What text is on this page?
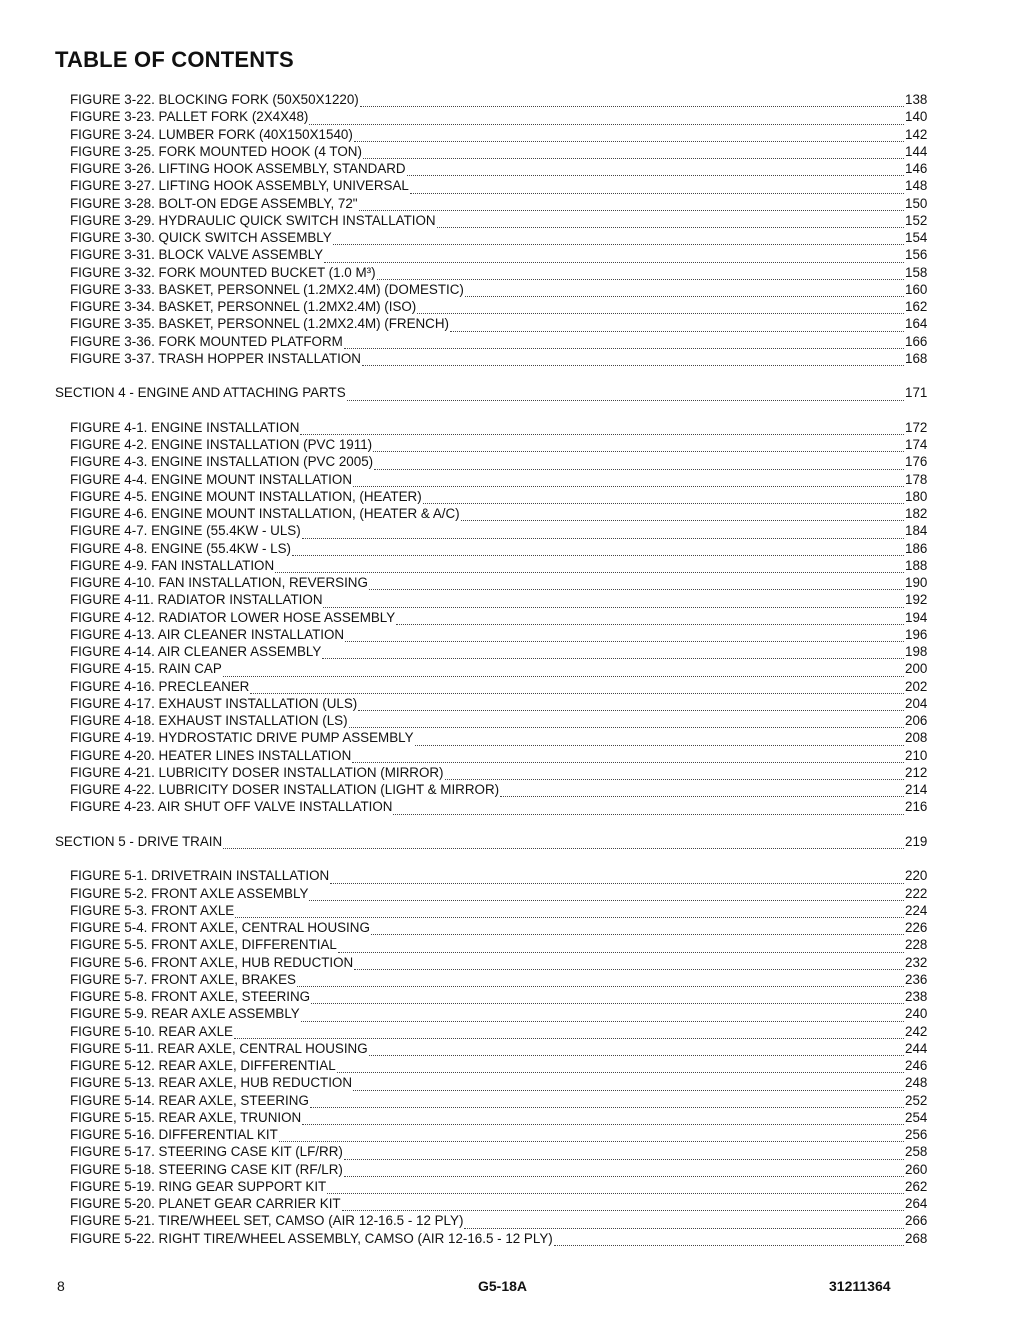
TABLE OF CONTENTS
FIGURE 3-22. BLOCKING FORK (50X50X1220)	138
FIGURE 3-23. PALLET FORK (2X4X48)	140
FIGURE 3-24. LUMBER FORK (40X150X1540)	142
FIGURE 3-25. FORK MOUNTED HOOK (4 TON)	144
FIGURE 3-26. LIFTING HOOK ASSEMBLY, STANDARD	146
FIGURE 3-27. LIFTING HOOK ASSEMBLY, UNIVERSAL	148
FIGURE 3-28. BOLT-ON EDGE ASSEMBLY, 72"	150
FIGURE 3-29. HYDRAULIC QUICK SWITCH INSTALLATION	152
FIGURE 3-30. QUICK SWITCH ASSEMBLY	154
FIGURE 3-31. BLOCK VALVE ASSEMBLY	156
FIGURE 3-32. FORK MOUNTED BUCKET (1.0 M³)	158
FIGURE 3-33. BASKET, PERSONNEL (1.2MX2.4M) (DOMESTIC)	160
FIGURE 3-34. BASKET, PERSONNEL (1.2MX2.4M) (ISO)	162
FIGURE 3-35. BASKET, PERSONNEL (1.2MX2.4M) (FRENCH)	164
FIGURE 3-36. FORK MOUNTED PLATFORM	166
FIGURE 3-37. TRASH HOPPER INSTALLATION	168
SECTION 4 - ENGINE AND ATTACHING PARTS	171
FIGURE 4-1. ENGINE INSTALLATION	172
FIGURE 4-2. ENGINE INSTALLATION (PVC 1911)	174
FIGURE 4-3. ENGINE INSTALLATION (PVC 2005)	176
FIGURE 4-4. ENGINE MOUNT INSTALLATION	178
FIGURE 4-5. ENGINE MOUNT INSTALLATION, (HEATER)	180
FIGURE 4-6. ENGINE MOUNT INSTALLATION, (HEATER & A/C)	182
FIGURE 4-7. ENGINE (55.4KW - ULS)	184
FIGURE 4-8. ENGINE (55.4KW - LS)	186
FIGURE 4-9. FAN INSTALLATION	188
FIGURE 4-10. FAN INSTALLATION, REVERSING	190
FIGURE 4-11. RADIATOR INSTALLATION	192
FIGURE 4-12. RADIATOR LOWER HOSE ASSEMBLY	194
FIGURE 4-13. AIR CLEANER INSTALLATION	196
FIGURE 4-14. AIR CLEANER ASSEMBLY	198
FIGURE 4-15. RAIN CAP	200
FIGURE 4-16. PRECLEANER	202
FIGURE 4-17. EXHAUST INSTALLATION (ULS)	204
FIGURE 4-18. EXHAUST INSTALLATION (LS)	206
FIGURE 4-19. HYDROSTATIC DRIVE PUMP ASSEMBLY	208
FIGURE 4-20. HEATER LINES INSTALLATION	210
FIGURE 4-21. LUBRICITY DOSER INSTALLATION (MIRROR)	212
FIGURE 4-22. LUBRICITY DOSER INSTALLATION (LIGHT & MIRROR)	214
FIGURE 4-23. AIR SHUT OFF VALVE INSTALLATION	216
SECTION 5 - DRIVE TRAIN	219
FIGURE 5-1. DRIVETRAIN INSTALLATION	220
FIGURE 5-2. FRONT AXLE ASSEMBLY	222
FIGURE 5-3. FRONT AXLE	224
FIGURE 5-4. FRONT AXLE, CENTRAL HOUSING	226
FIGURE 5-5. FRONT AXLE, DIFFERENTIAL	228
FIGURE 5-6. FRONT AXLE, HUB REDUCTION	232
FIGURE 5-7. FRONT AXLE, BRAKES	236
FIGURE 5-8. FRONT AXLE, STEERING	238
FIGURE 5-9. REAR AXLE ASSEMBLY	240
FIGURE 5-10. REAR AXLE	242
FIGURE 5-11. REAR AXLE, CENTRAL HOUSING	244
FIGURE 5-12. REAR AXLE, DIFFERENTIAL	246
FIGURE 5-13. REAR AXLE, HUB REDUCTION	248
FIGURE 5-14. REAR AXLE, STEERING	252
FIGURE 5-15. REAR AXLE, TRUNION	254
FIGURE 5-16. DIFFERENTIAL KIT	256
FIGURE 5-17. STEERING CASE KIT (LF/RR)	258
FIGURE 5-18. STEERING CASE KIT (RF/LR)	260
FIGURE 5-19. RING GEAR SUPPORT KIT	262
FIGURE 5-20. PLANET GEAR CARRIER KIT	264
FIGURE 5-21. TIRE/WHEEL SET, CAMSO (AIR 12-16.5 - 12 PLY)	266
FIGURE 5-22. RIGHT TIRE/WHEEL ASSEMBLY, CAMSO (AIR 12-16.5 - 12 PLY)	268
8	G5-18A	31211364
